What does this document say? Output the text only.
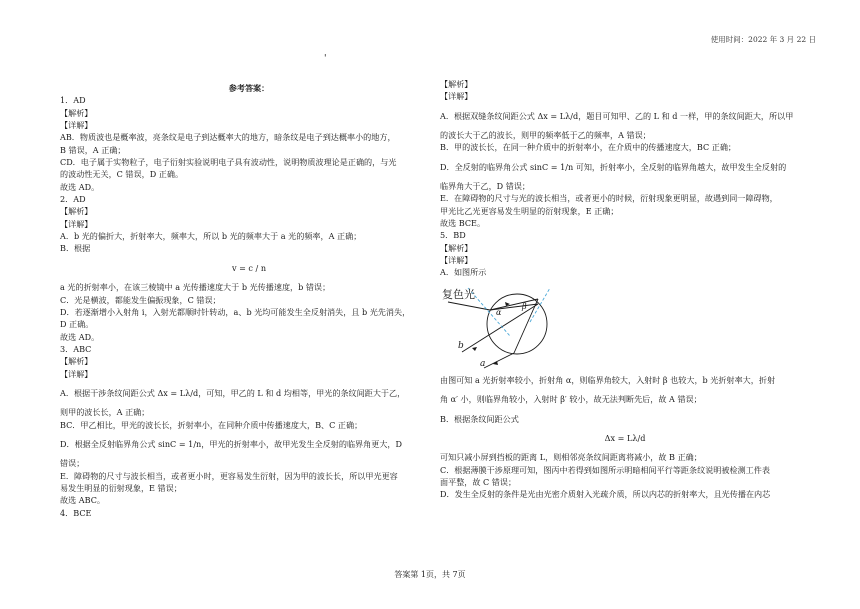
使用时间：2022 年 3 月 22 日
'

参考答案：

1．AD

【解析】

【详解】

AB．物质波也是概率波，亮条纹是电子到达概率大的地方，暗条纹是电子到达概率小的地方，

B 错误，A 正确；

CD．电子属于实物粒子，电子衍射实验说明电子具有波动性，说明物质波理论是正确的，与光

的波动性无关，C 错误，D 正确。

故选 AD。

2．AD

【解析】

【详解】

A．b 光的偏折大，折射率大，频率大，所以 b 光的频率大于 a 光的频率，A 正确；

B．根据

v = c / n

a 光的折射率小，在该三棱镜中 a 光传播速度大于 b 光传播速度，b 错误；

C．光是横波，都能发生偏振现象，C 错误；

D．若逐渐增小入射角 i，入射光都顺时针转动，a、b 光均可能发生全反射消失，且 b 光先消失，

D 正确。

故选 AD。

3．ABC

【解析】

【详解】

A．根据干涉条纹间距公式 Δx = Lλ/d，可知，甲乙的 L 和 d 均相等，甲光的条纹间距大于乙，

则甲的波长长，A 正确；

BC．甲乙相比，甲光的波长长，折射率小，在同种介质中传播速度大，B、C 正确；

D．根据全反射临界角公式 sinC = 1/n，甲光的折射率小，故甲光发生全反射的临界角更大，D

错误；

E．障碍物的尺寸与波长相当，或者更小时，更容易发生衍射，因为甲的波长长，所以甲光更容

易发生明显的衍射现象，E 错误；

故选 ABC。

4．BCE

【解析】

【详解】

A．根据双缝条纹间距公式 Δx = Lλ/d，题目可知甲、乙的 L 和 d 一样，甲的条纹间距大，所以甲

的波长大于乙的波长，则甲的频率低于乙的频率，A 错误；

B．甲的波长长，在同一种介质中的折射率小，在介质中的传播速度大，BC 正确；

D．全反射的临界角公式 sinC = 1/n 可知，折射率小，全反射的临界角越大，故甲发生全反射的

临界角大于乙，D 错误；

E．在障碍物的尺寸与光的波长相当，或者更小的时候，衍射现象更明显，故遇到同一障碍物，

甲光比乙光更容易发生明显的衍射现象，E 正确；

故选 BCE。

5．BD

【解析】

【详解】

A．如图所示

复色光
α
β
a
b

由图可知 a 光折射率较小，折射角 α，则临界角较大，入射时 β 也较大，b 光折射率大，折射

角 α′ 小，则临界角较小，入射时 β′ 较小，故无法判断先后，故 A 错误；

B．根据条纹间距公式

Δx = Lλ/d

可知只减小屏到挡板的距离 L，则相邻亮条纹间距离将减小，故 B 正确；

C．根据薄膜干涉原理可知，图丙中若得到如图所示明暗相间平行等距条纹说明被检测工件表

面平整，故 C 错误；

D．发生全反射的条件是光由光密介质射入光疏介质，所以内芯的折射率大，且光传播在内芯

答案第 1页，共 7页
